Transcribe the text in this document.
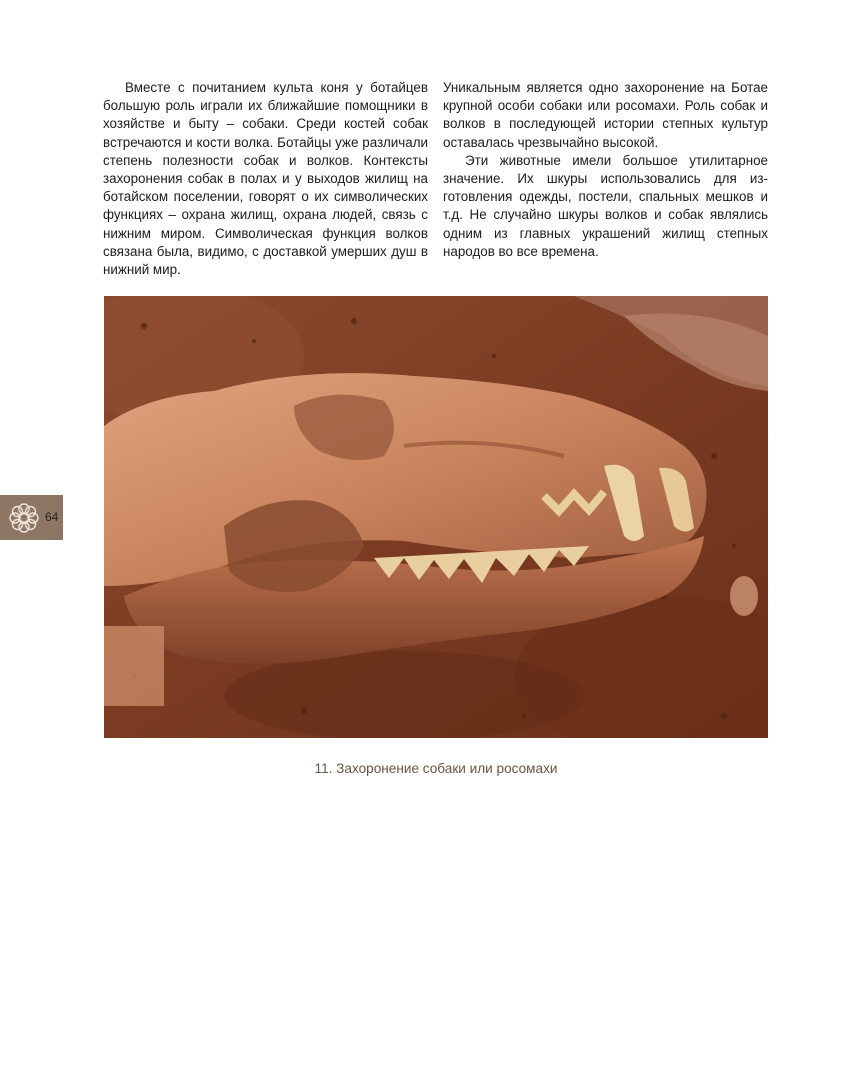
Вместе с почитанием культа коня у ботайцев большую роль играли их ближайшие помощники в хозяйстве и быту – собаки. Среди костей собак встречаются и кости волка. Ботайцы уже различали степень полезности собак и волков. Контексты захоронения собак в полах и у выходов жилищ на ботайском поселении, говорят о их символических функциях – охрана жилищ, охрана людей, связь с нижним миром. Символическая функция волков связана была, видимо, с доставкой умерших душ в нижний мир.

Уникальным является одно захоронение на Ботае крупной особи собаки или росомахи. Роль собак и волков в последующей истории степных культур оставалась чрезвычайно высокой.

Эти животные имели большое утилитарное значение. Их шкуры использовались для изготовления одежды, постели, спальных мешков и т.д. Не случайно шкуры волков и собак являлись одним из главных украшений жилищ степных народов во все времена.

11. Захоронение собаки или росомахи
64
